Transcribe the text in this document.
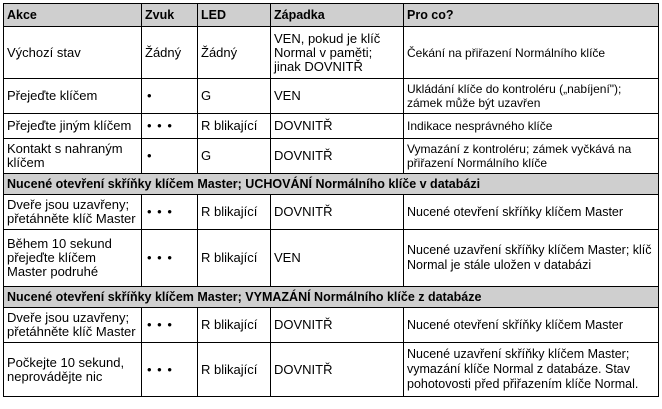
Akce	Zvuk	LED	Západka	Pro co?
Výchozí stav	Žádný	Žádný	VEN, pokud je klíč Normal v paměti; jinak DOVNITŘ	Čekání na přiřazení Normálního klíče
Přejeďte klíčem	•	G	VEN	Ukládání klíče do kontroléru („nabíjení"); zámek může být uzavřen
Přejeďte jiným klíčem	• • •	R blikající	DOVNITŘ	Indikace nesprávného klíče
Kontakt s nahraným klíčem	•	G	DOVNITŘ	Vymazání z kontroléru; zámek vyčkává na přiřazení Normálního klíče
Nucené otevření skříňky klíčem Master; UCHOVÁNÍ Normálního klíče v databázi				
Dveře jsou uzavřeny; přetáhněte klíč Master	• • •	R blikající	DOVNITŘ	Nucené otevření skříňky klíčem Master
Během 10 sekund přejeďte klíčem Master podruhé	• • •	R blikající	VEN	Nucené uzavření skříňky klíčem Master; klíč Normal je stále uložen v databázi
Nucené otevření skříňky klíčem Master; VYMAZÁNÍ Normálního klíče z databáze				
Dveře jsou uzavřeny; přetáhněte klíč Master	• • •	R blikající	DOVNITŘ	Nucené otevření skříňky klíčem Master
Počkejte 10 sekund, neprovádějte nic	• • •	R blikající	DOVNITŘ	Nucené uzavření skříňky klíčem Master; vymazání klíče Normal z databáze. Stav pohotovosti před přiřazením klíče Normal.
